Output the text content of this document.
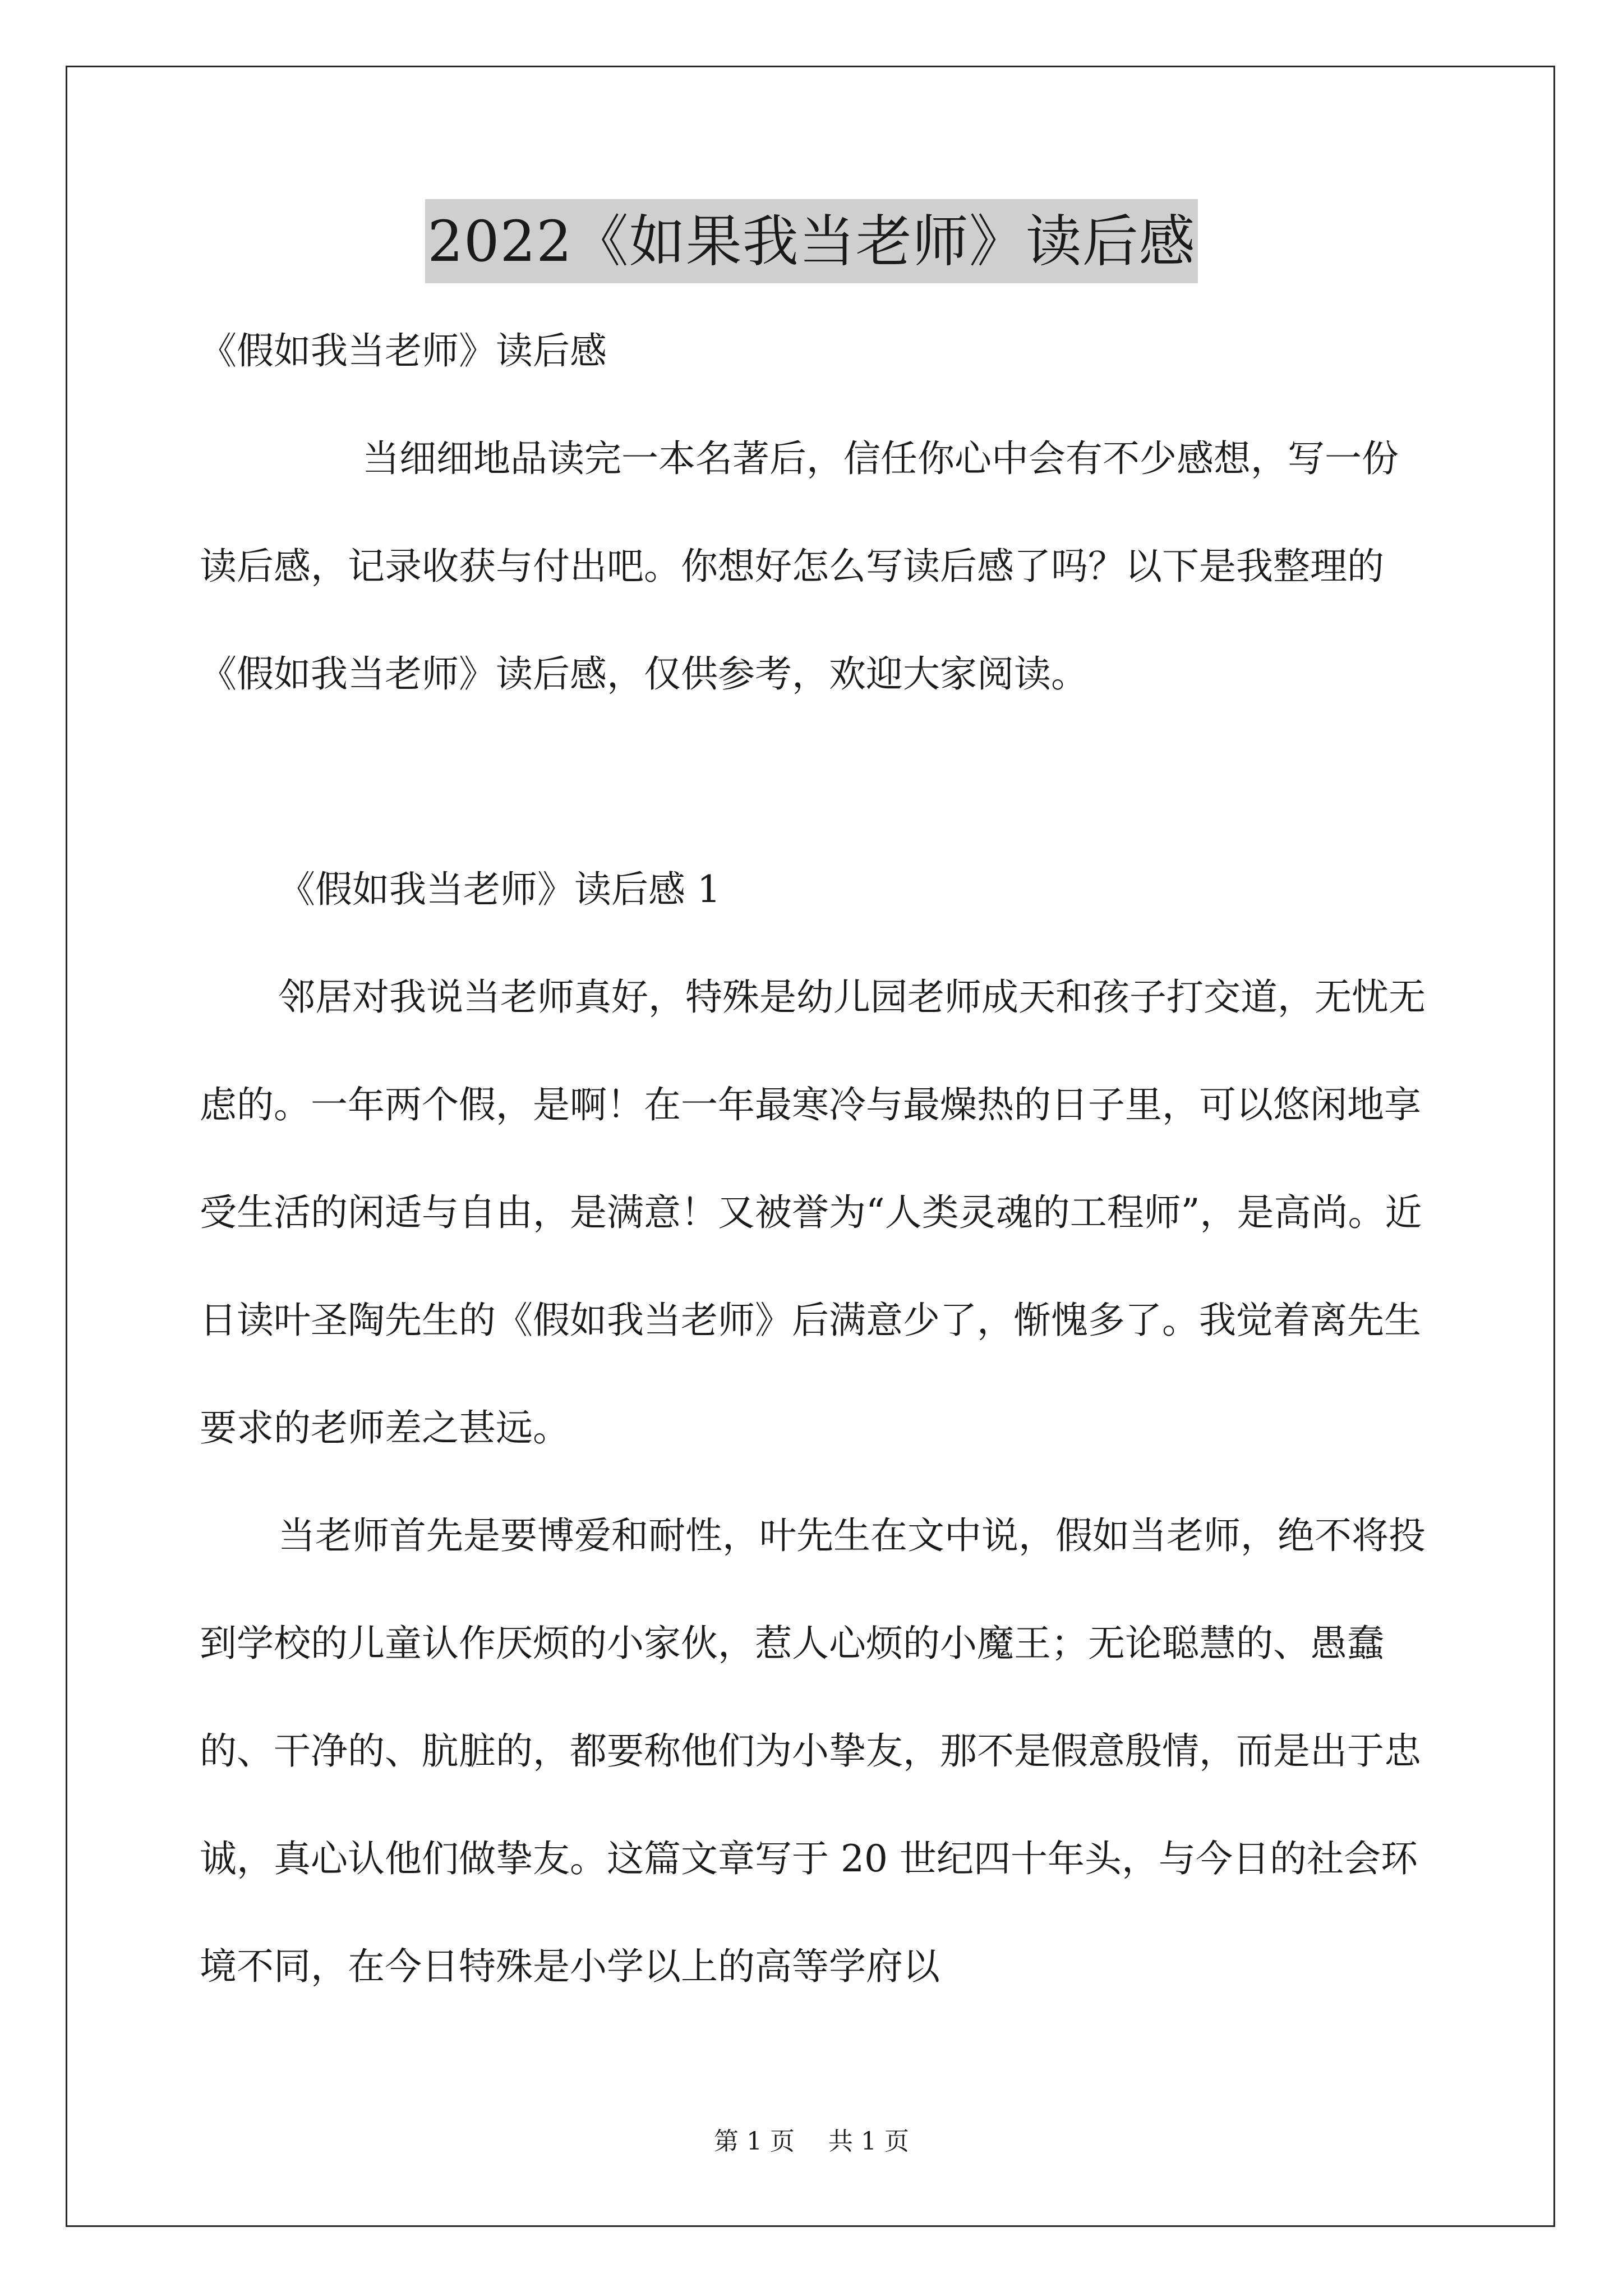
2022《如果我当老师》读后感

《假如我当老师》读后感

当细细地品读完一本名著后，信任你心中会有不少感想，写一份读后感，记录收获与付出吧。你想好怎么写读后感了吗？以下是我整理的《假如我当老师》读后感，仅供参考，欢迎大家阅读。

《假如我当老师》读后感 1

邻居对我说当老师真好，特殊是幼儿园老师成天和孩子打交道，无忧无虑的。一年两个假，是啊！在一年最寒冷与最燥热的日子里，可以悠闲地享受生活的闲适与自由，是满意！又被誉为“人类灵魂的工程师”，是高尚。近日读叶圣陶先生的《假如我当老师》后满意少了，惭愧多了。我觉着离先生要求的老师差之甚远。

当老师首先是要博爱和耐性，叶先生在文中说，假如当老师，绝不将投到学校的儿童认作厌烦的小家伙，惹人心烦的小魔王；无论聪慧的、愚蠢的、干净的、肮脏的，都要称他们为小挚友，那不是假意殷情，而是出于忠诚，真心认他们做挚友。这篇文章写于 20 世纪四十年头，与今日的社会环境不同，在今日特殊是小学以上的高等学府以

第 1 页 共 1 页
